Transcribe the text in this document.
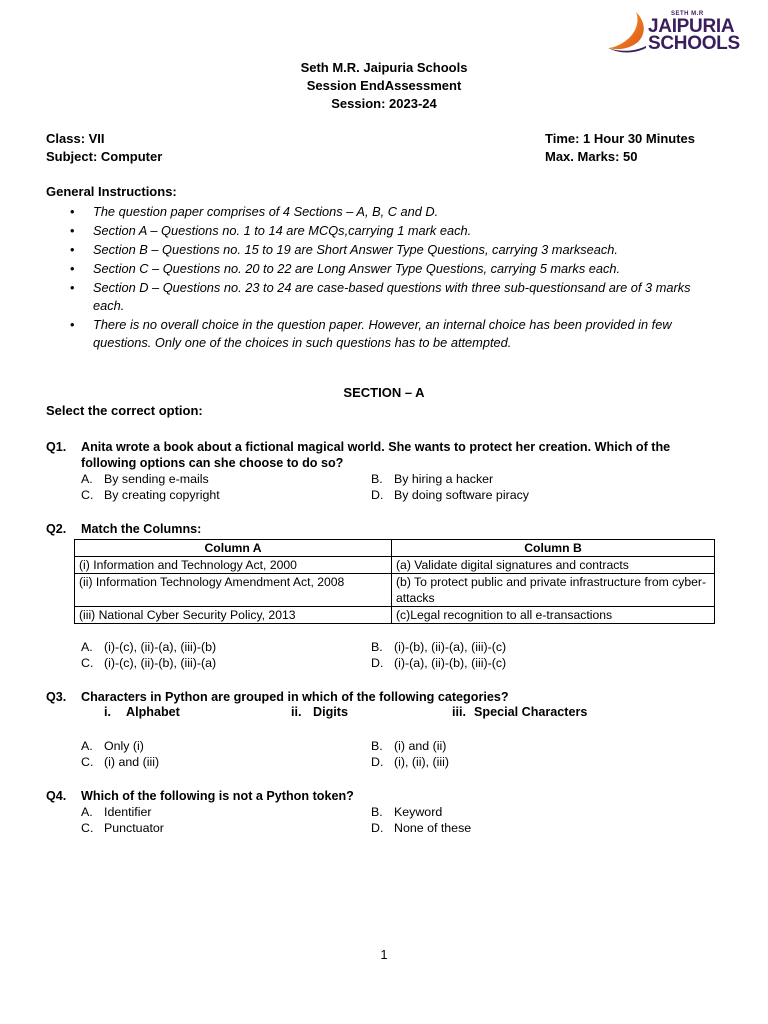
SETH M.R
JAIPURIA
SCHOOLS
Seth M.R. Jaipuria Schools
Session EndAssessment
Session: 2023-24
Class: VII
Subject: Computer
Time: 1 Hour 30 Minutes
Max. Marks: 50
General Instructions:
• The question paper comprises of 4 Sections – A, B, C and D.
• Section A – Questions no. 1 to 14 are MCQs,carrying 1 mark each.
• Section B – Questions no. 15 to 19 are Short Answer Type Questions, carrying 3 markseach.
• Section C – Questions no. 20 to 22 are Long Answer Type Questions, carrying 5 marks each.
• Section D – Questions no. 23 to 24 are case-based questions with three sub-questionsand are of 3 marks each.
• There is no overall choice in the question paper. However, an internal choice has been provided in few questions. Only one of the choices in such questions has to be attempted.
SECTION – A
Select the correct option:
Q1. Anita wrote a book about a fictional magical world. She wants to protect her creation. Which of the following options can she choose to do so?
A. By sending e-mails	B. By hiring a hacker
C. By creating copyright	D. By doing software piracy
Q2. Match the Columns:
Column A	Column B
(i) Information and Technology Act, 2000	(a) Validate digital signatures and contracts
(ii) Information Technology Amendment Act, 2008	(b) To protect public and private infrastructure from cyber-attacks
(iii) National Cyber Security Policy, 2013	(c)Legal recognition to all e-transactions
A. (i)-(c), (ii)-(a), (iii)-(b)	B. (i)-(b), (ii)-(a), (iii)-(c)
C. (i)-(c), (ii)-(b), (iii)-(a)	D. (i)-(a), (ii)-(b), (iii)-(c)
Q3. Characters in Python are grouped in which of the following categories?
i. Alphabet	ii. Digits	iii. Special Characters
A. Only (i)	B. (i) and (ii)
C. (i) and (iii)	D. (i), (ii), (iii)
Q4. Which of the following is not a Python token?
A. Identifier	B. Keyword
C. Punctuator	D. None of these
1
